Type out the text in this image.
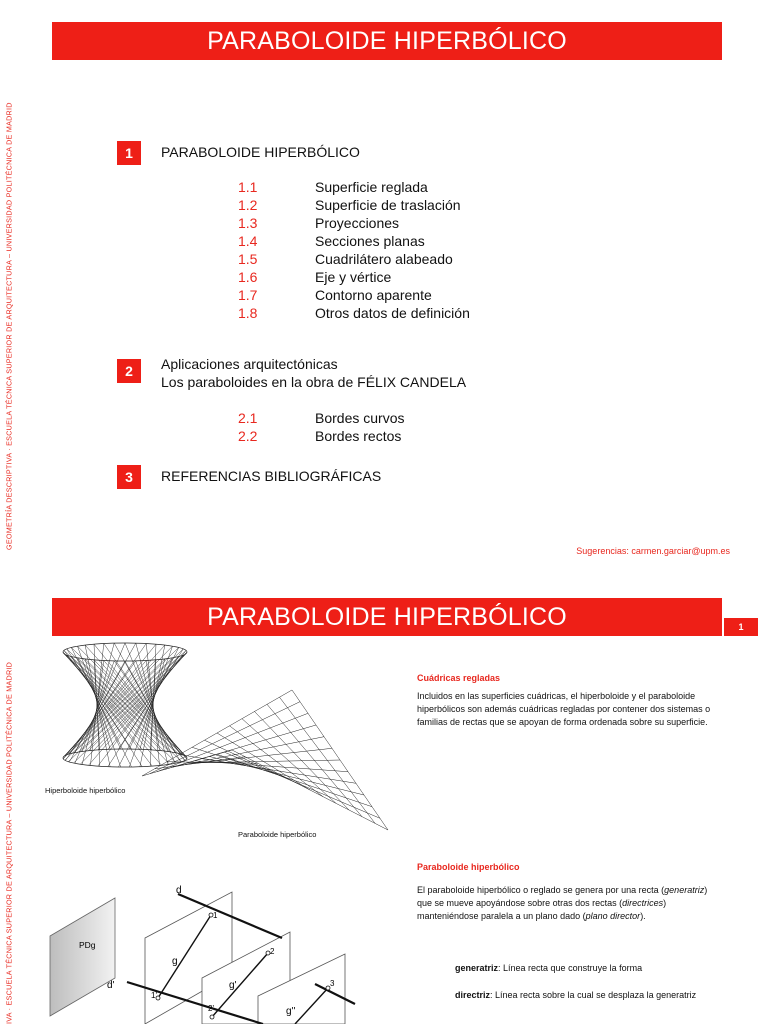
GEOMETRÍA DESCRIPTIVA · ESCUELA TÉCNICA SUPERIOR DE ARQUITECTURA – UNIVERSIDAD POLITÉCNICA DE MADRID
PARABOLOIDE HIPERBÓLICO
1	PARABOLOIDE HIPERBÓLICO
1.1	Superficie reglada
1.2	Superficie de traslación
1.3	Proyecciones
1.4	Secciones planas
1.5	Cuadrilátero alabeado
1.6	Eje y vértice
1.7	Contorno aparente
1.8	Otros datos de definición
2	Aplicaciones arquitectónicas
Los paraboloides en la obra de FÉLIX CANDELA
2.1	Bordes curvos
2.2	Bordes rectos
3	REFERENCIAS BIBLIOGRÁFICAS
Sugerencias: carmen.garciar@upm.es
IVA · ESCUELA TÉCNICA SUPERIOR DE ARQUITECTURA – UNIVERSIDAD POLITÉCNICA DE MADRID
PARABOLOIDE HIPERBÓLICO	1
Hiperboloide hiperbólico
Paraboloide hiperbólico
PDg
d
d'
g
g'
g''
1
2
3
1'
2'
Cuádricas regladas
Incluidos en las superficies cuádricas, el hiperboloide y el paraboloide hiperbólicos son además cuádricas regladas por contener dos sistemas o familias de rectas que se apoyan de forma ordenada sobre su superficie.
Paraboloide hiperbólico
El paraboloide hiperbólico o reglado se genera por una recta (generatriz) que se mueve apoyándose sobre otras dos rectas (directrices) manteniéndose paralela a un plano dado (plano director).
generatriz: Línea recta que construye la forma
directriz: Línea recta sobre la cual se desplaza la generatriz
